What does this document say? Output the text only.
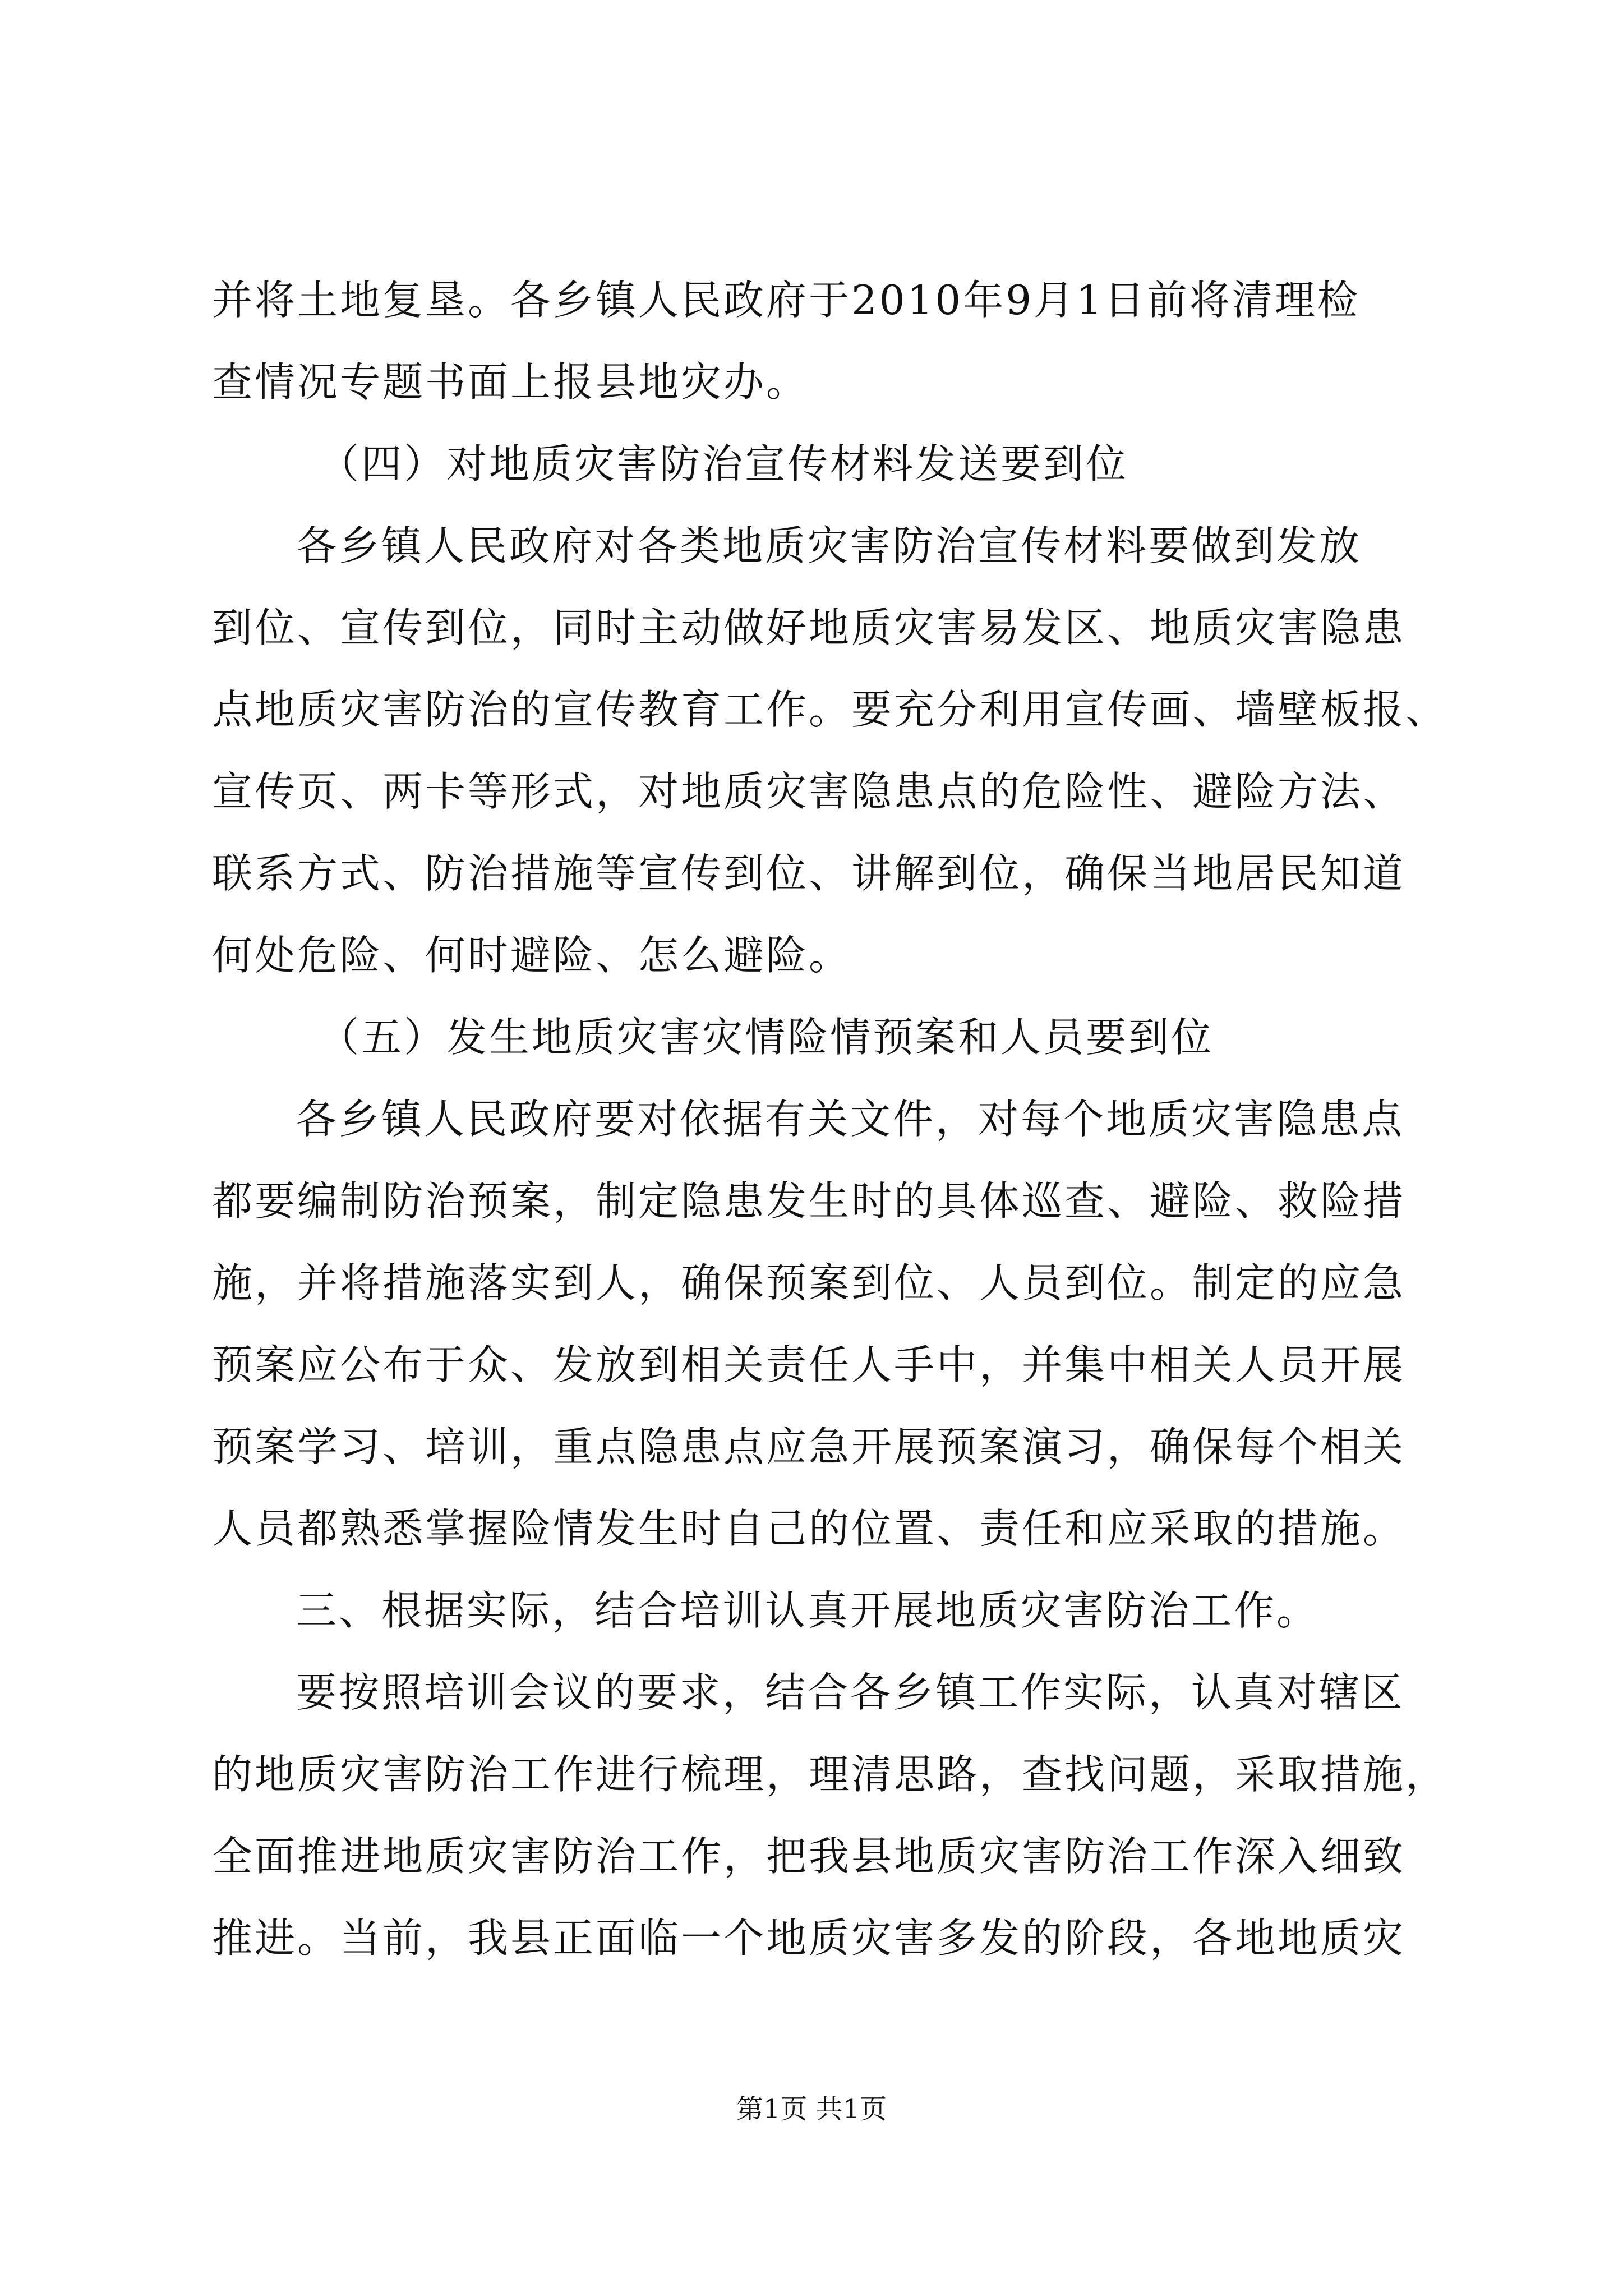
并将土地复垦。各乡镇人民政府于2010年9月1日前将清理检
查情况专题书面上报县地灾办。
（四）对地质灾害防治宣传材料发送要到位
各乡镇人民政府对各类地质灾害防治宣传材料要做到发放
到位、宣传到位，同时主动做好地质灾害易发区、地质灾害隐患
点地质灾害防治的宣传教育工作。要充分利用宣传画、墙壁板报、
宣传页、两卡等形式，对地质灾害隐患点的危险性、避险方法、
联系方式、防治措施等宣传到位、讲解到位，确保当地居民知道
何处危险、何时避险、怎么避险。
（五）发生地质灾害灾情险情预案和人员要到位
各乡镇人民政府要对依据有关文件，对每个地质灾害隐患点
都要编制防治预案，制定隐患发生时的具体巡查、避险、救险措
施，并将措施落实到人，确保预案到位、人员到位。制定的应急
预案应公布于众、发放到相关责任人手中，并集中相关人员开展
预案学习、培训，重点隐患点应急开展预案演习，确保每个相关
人员都熟悉掌握险情发生时自己的位置、责任和应采取的措施。
三、根据实际，结合培训认真开展地质灾害防治工作。
要按照培训会议的要求，结合各乡镇工作实际，认真对辖区
的地质灾害防治工作进行梳理，理清思路，查找问题，采取措施，
全面推进地质灾害防治工作，把我县地质灾害防治工作深入细致
推进。当前，我县正面临一个地质灾害多发的阶段，各地地质灾
第1页 共1页
